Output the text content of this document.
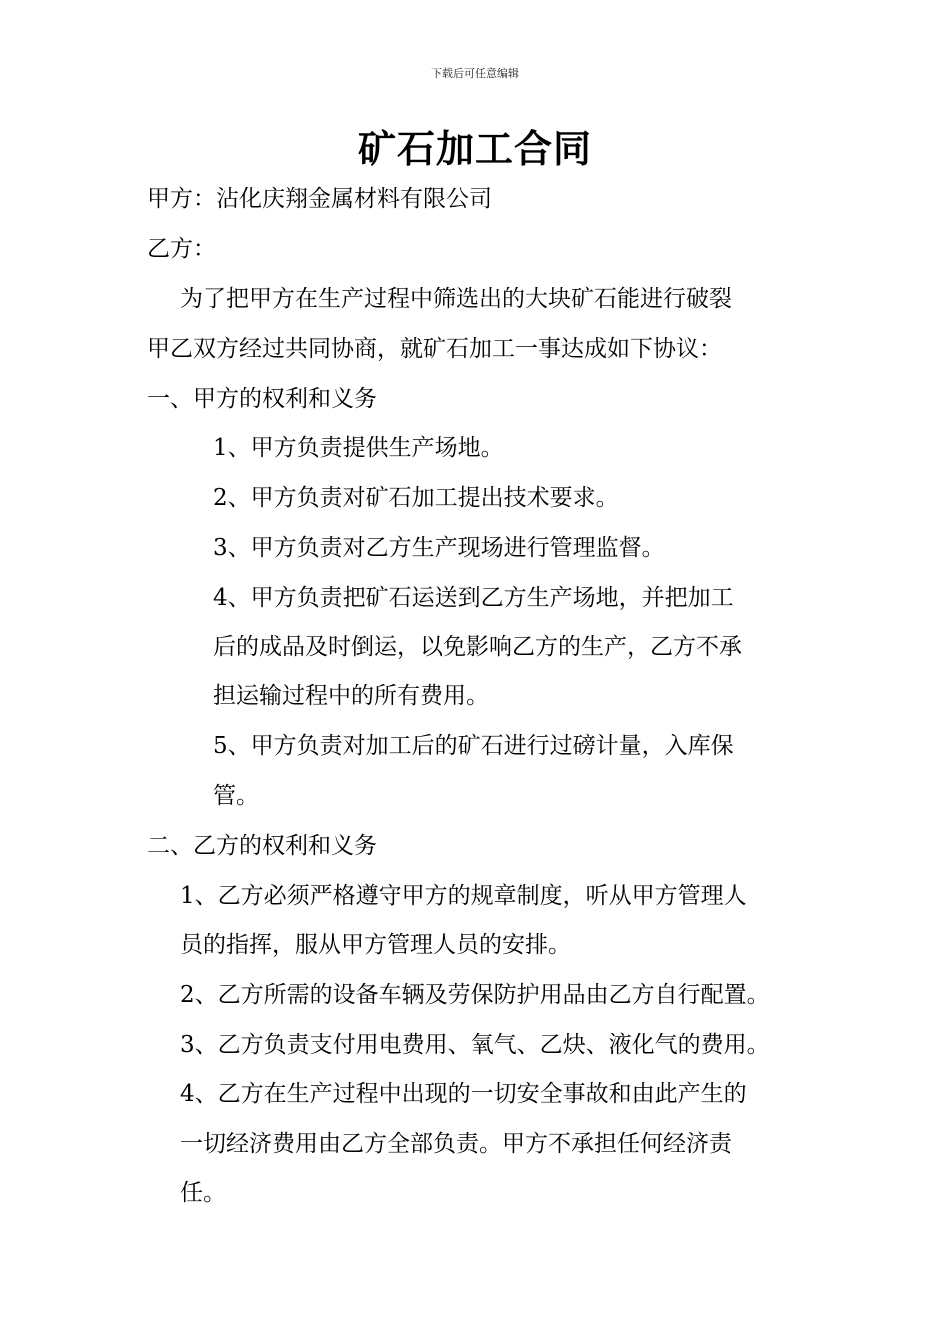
下载后可任意编辑
矿石加工合同
甲方：沾化庆翔金属材料有限公司
乙方：
为了把甲方在生产过程中筛选出的大块矿石能进行破裂
甲乙双方经过共同协商，就矿石加工一事达成如下协议：
一、甲方的权利和义务
1、甲方负责提供生产场地。
2、甲方负责对矿石加工提出技术要求。
3、甲方负责对乙方生产现场进行管理监督。
4、甲方负责把矿石运送到乙方生产场地，并把加工
后的成品及时倒运，以免影响乙方的生产，乙方不承
担运输过程中的所有费用。
5、甲方负责对加工后的矿石进行过磅计量，入库保
管。
二、乙方的权利和义务
1、乙方必须严格遵守甲方的规章制度，听从甲方管理人
员的指挥，服从甲方管理人员的安排。
2、乙方所需的设备车辆及劳保防护用品由乙方自行配置。
3、乙方负责支付用电费用、氧气、乙炔、液化气的费用。
4、乙方在生产过程中出现的一切安全事故和由此产生的
一切经济费用由乙方全部负责。甲方不承担任何经济责
任。
